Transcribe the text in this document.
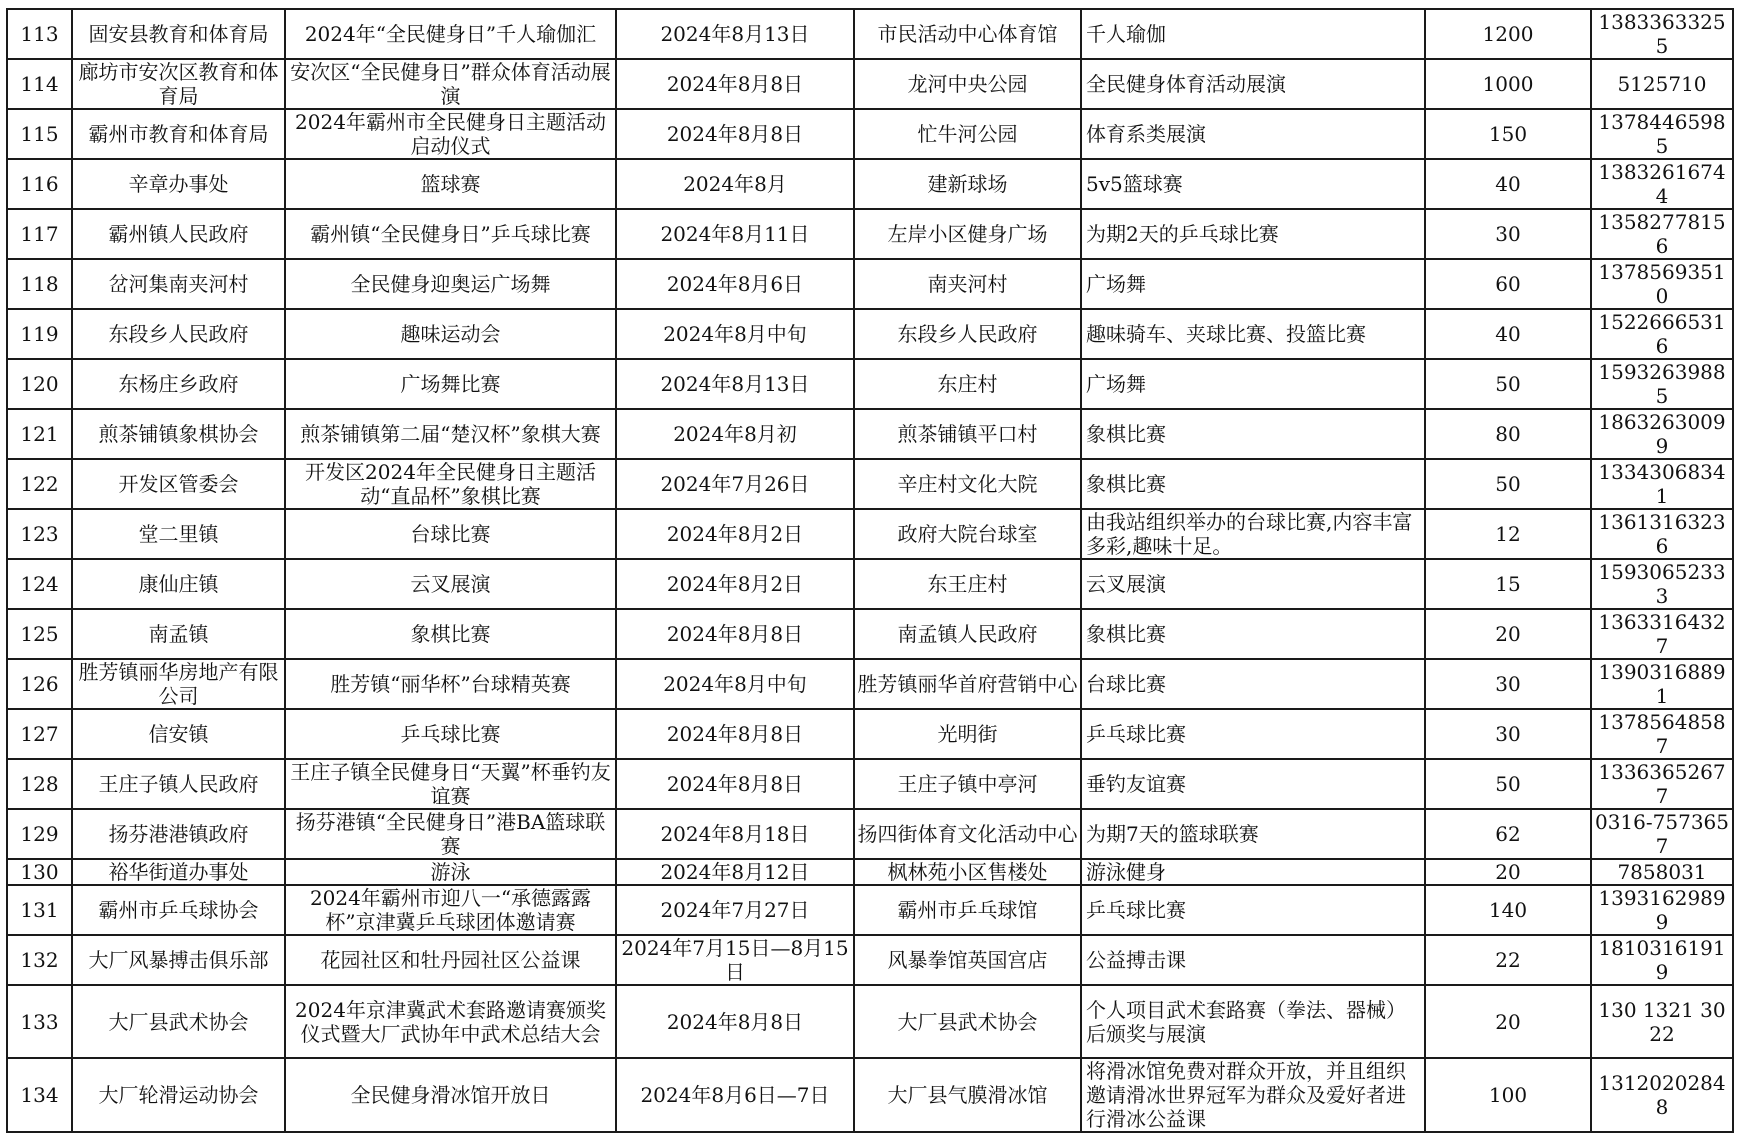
113	固安县教育和体育局	2024年“全民健身日”千人瑜伽汇	2024年8月13日	市民活动中心体育馆	千人瑜伽	1200	13833633255
114	廊坊市安次区教育和体育局	安次区“全民健身日”群众体育活动展演	2024年8月8日	龙河中央公园	全民健身体育活动展演	1000	5125710
115	霸州市教育和体育局	2024年霸州市全民健身日主题活动启动仪式	2024年8月8日	忙牛河公园	体育系类展演	150	13784465985
116	辛章办事处	篮球赛	2024年8月	建新球场	5v5篮球赛	40	13832616744
117	霸州镇人民政府	霸州镇“全民健身日”乒乓球比赛	2024年8月11日	左岸小区健身广场	为期2天的乒乓球比赛	30	13582778156
118	岔河集南夹河村	全民健身迎奥运广场舞	2024年8月6日	南夹河村	广场舞	60	13785693510
119	东段乡人民政府	趣味运动会	2024年8月中旬	东段乡人民政府	趣味骑车、夹球比赛、投篮比赛	40	15226665316
120	东杨庄乡政府	广场舞比赛	2024年8月13日	东庄村	广场舞	50	15932639885
121	煎茶铺镇象棋协会	煎茶铺镇第二届“楚汉杯”象棋大赛	2024年8月初	煎茶铺镇平口村	象棋比赛	80	18632630099
122	开发区管委会	开发区2024年全民健身日主题活动“直品杯”象棋比赛	2024年7月26日	辛庄村文化大院	象棋比赛	50	13343068341
123	堂二里镇	台球比赛	2024年8月2日	政府大院台球室	由我站组织举办的台球比赛,内容丰富多彩,趣味十足。	12	13613163236
124	康仙庄镇	云叉展演	2024年8月2日	东王庄村	云叉展演	15	15930652333
125	南孟镇	象棋比赛	2024年8月8日	南孟镇人民政府	象棋比赛	20	13633164327
126	胜芳镇丽华房地产有限公司	胜芳镇“丽华杯”台球精英赛	2024年8月中旬	胜芳镇丽华首府营销中心	台球比赛	30	13903168891
127	信安镇	乒乓球比赛	2024年8月8日	光明街	乒乓球比赛	30	13785648587
128	王庄子镇人民政府	王庄子镇全民健身日“天翼”杯垂钓友谊赛	2024年8月8日	王庄子镇中亭河	垂钓友谊赛	50	13363652677
129	扬芬港港镇政府	扬芬港镇“全民健身日”港BA篮球联赛	2024年8月18日	扬四街体育文化活动中心	为期7天的篮球联赛	62	0316-7573657
130	裕华街道办事处	游泳	2024年8月12日	枫林苑小区售楼处	游泳健身	20	7858031
131	霸州市乒乓球协会	2024年霸州市迎八一“承德露露杯”京津冀乒乓球团体邀请赛	2024年7月27日	霸州市乒乓球馆	乒乓球比赛	140	13931629899
132	大厂风暴搏击俱乐部	花园社区和牡丹园社区公益课	2024年7月15日—8月15日	风暴拳馆英国宫店	公益搏击课	22	18103161919
133	大厂县武术协会	2024年京津冀武术套路邀请赛颁奖仪式暨大厂武协年中武术总结大会	2024年8月8日	大厂县武术协会	个人项目武术套路赛（拳法、器械）后颁奖与展演	20	130 1321 3022
134	大厂轮滑运动协会	全民健身滑冰馆开放日	2024年8月6日—7日	大厂县气膜滑冰馆	将滑冰馆免费对群众开放，并且组织邀请滑冰世界冠军为群众及爱好者进行滑冰公益课	100	13120202848
